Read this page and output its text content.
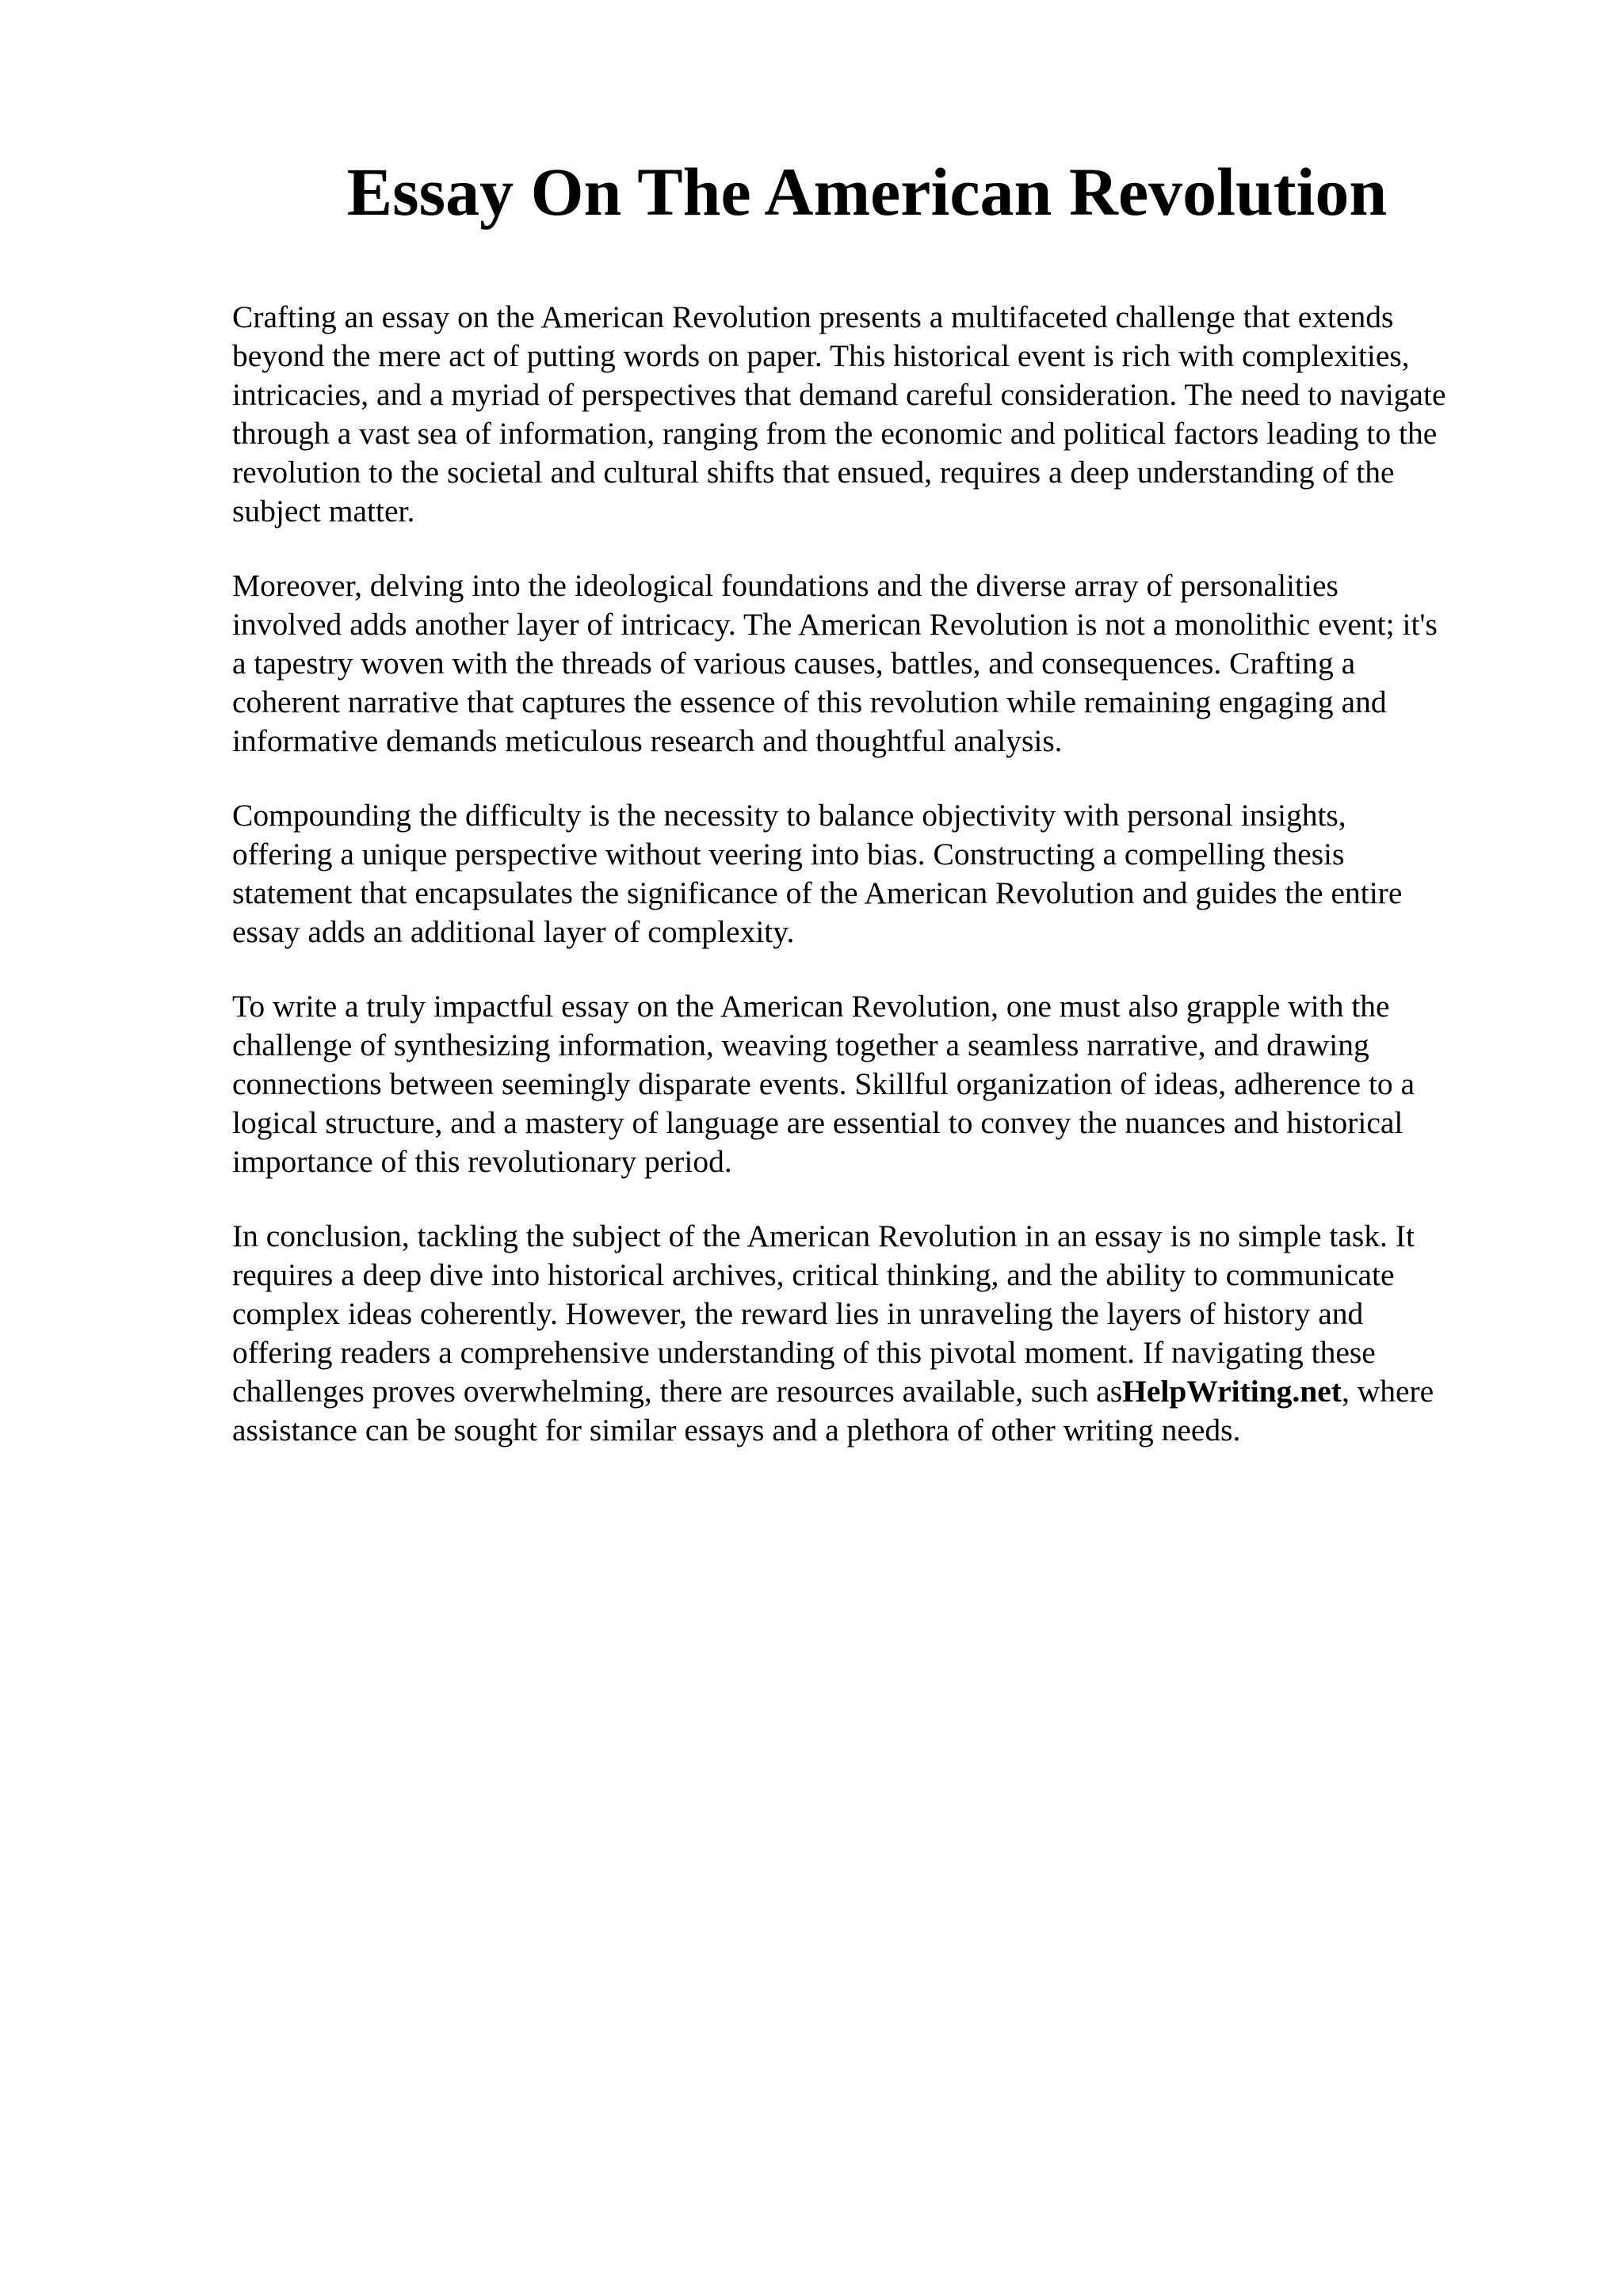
Essay On The American Revolution

Crafting an essay on the American Revolution presents a multifaceted challenge that extends
beyond the mere act of putting words on paper. This historical event is rich with complexities,
intricacies, and a myriad of perspectives that demand careful consideration. The need to navigate
through a vast sea of information, ranging from the economic and political factors leading to the
revolution to the societal and cultural shifts that ensued, requires a deep understanding of the
subject matter.

Moreover, delving into the ideological foundations and the diverse array of personalities
involved adds another layer of intricacy. The American Revolution is not a monolithic event; it's
a tapestry woven with the threads of various causes, battles, and consequences. Crafting a
coherent narrative that captures the essence of this revolution while remaining engaging and
informative demands meticulous research and thoughtful analysis.

Compounding the difficulty is the necessity to balance objectivity with personal insights,
offering a unique perspective without veering into bias. Constructing a compelling thesis
statement that encapsulates the significance of the American Revolution and guides the entire
essay adds an additional layer of complexity.

To write a truly impactful essay on the American Revolution, one must also grapple with the
challenge of synthesizing information, weaving together a seamless narrative, and drawing
connections between seemingly disparate events. Skillful organization of ideas, adherence to a
logical structure, and a mastery of language are essential to convey the nuances and historical
importance of this revolutionary period.

In conclusion, tackling the subject of the American Revolution in an essay is no simple task. It
requires a deep dive into historical archives, critical thinking, and the ability to communicate
complex ideas coherently. However, the reward lies in unraveling the layers of history and
offering readers a comprehensive understanding of this pivotal moment. If navigating these
challenges proves overwhelming, there are resources available, such asHelpWriting.net, where
assistance can be sought for similar essays and a plethora of other writing needs.
